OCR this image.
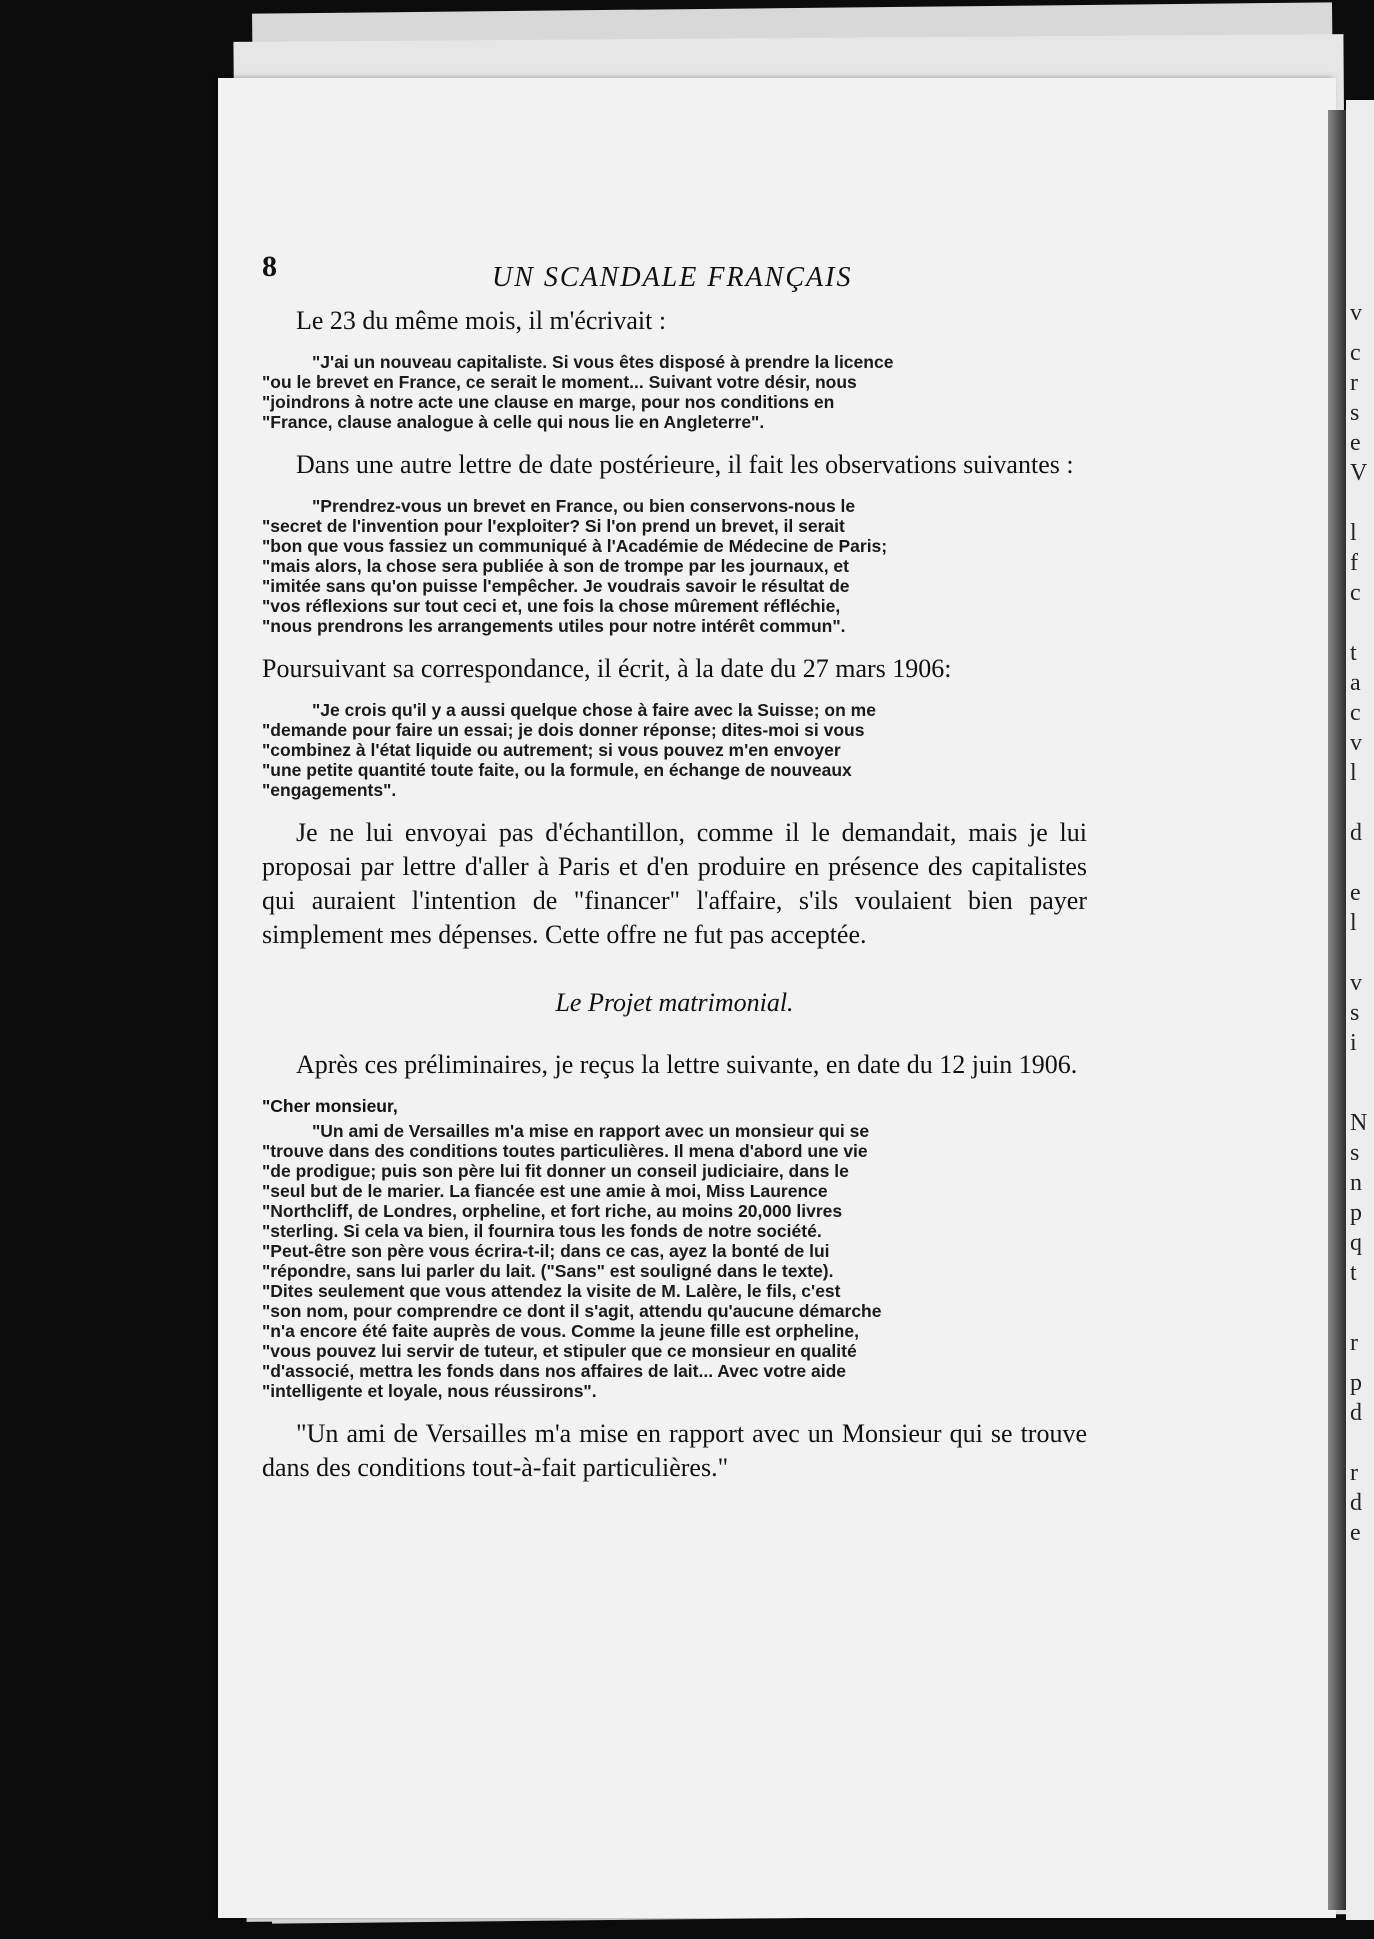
v
c
r
s
e
V
l
f
c
t
a
c
v
l
d
e
l
v
s
i
N
s
n
p
q
t
r
p
d
r
d
e
8	UN SCANDALE FRANÇAIS

Le 23 du même mois, il m'écrivait :

"J'ai un nouveau capitaliste. Si vous êtes disposé à prendre la licence
"ou le brevet en France, ce serait le moment... Suivant votre désir, nous
"joindrons à notre acte une clause en marge, pour nos conditions en
"France, clause analogue à celle qui nous lie en Angleterre".

Dans une autre lettre de date postérieure, il fait les observations suivantes :

"Prendrez-vous un brevet en France, ou bien conservons-nous le
"secret de l'invention pour l'exploiter? Si l'on prend un brevet, il serait
"bon que vous fassiez un communiqué à l'Académie de Médecine de Paris;
"mais alors, la chose sera publiée à son de trompe par les journaux, et
"imitée sans qu'on puisse l'empêcher. Je voudrais savoir le résultat de
"vos réflexions sur tout ceci et, une fois la chose mûrement réfléchie,
"nous prendrons les arrangements utiles pour notre intérêt commun".

Poursuivant sa correspondance, il écrit, à la date du 27 mars 1906:

"Je crois qu'il y a aussi quelque chose à faire avec la Suisse; on me
"demande pour faire un essai; je dois donner réponse; dites-moi si vous
"combinez à l'état liquide ou autrement; si vous pouvez m'en envoyer
"une petite quantité toute faite, ou la formule, en échange de nouveaux
"engagements".

Je ne lui envoyai pas d'échantillon, comme il le demandait, mais je lui proposai par lettre d'aller à Paris et d'en produire en présence des capitalistes qui auraient l'intention de "financer" l'affaire, s'ils voulaient bien payer simplement mes dépenses. Cette offre ne fut pas acceptée.

Le Projet matrimonial.

Après ces préliminaires, je reçus la lettre suivante, en date du 12 juin 1906.

"Cher monsieur,
"Un ami de Versailles m'a mise en rapport avec un monsieur qui se
"trouve dans des conditions toutes particulières. Il mena d'abord une vie
"de prodigue; puis son père lui fit donner un conseil judiciaire, dans le
"seul but de le marier. La fiancée est une amie à moi, Miss Laurence
"Northcliff, de Londres, orpheline, et fort riche, au moins 20,000 livres
"sterling. Si cela va bien, il fournira tous les fonds de notre société.
"Peut-être son père vous écrira-t-il; dans ce cas, ayez la bonté de lui
"répondre, sans lui parler du lait. ("Sans" est souligné dans le texte).
"Dites seulement que vous attendez la visite de M. Lalère, le fils, c'est
"son nom, pour comprendre ce dont il s'agit, attendu qu'aucune démarche
"n'a encore été faite auprès de vous. Comme la jeune fille est orpheline,
"vous pouvez lui servir de tuteur, et stipuler que ce monsieur en qualité
"d'associé, mettra les fonds dans nos affaires de lait... Avec votre aide
"intelligente et loyale, nous réussirons".

"Un ami de Versailles m'a mise en rapport avec un Monsieur qui se trouve dans des conditions tout-à-fait particulières."
